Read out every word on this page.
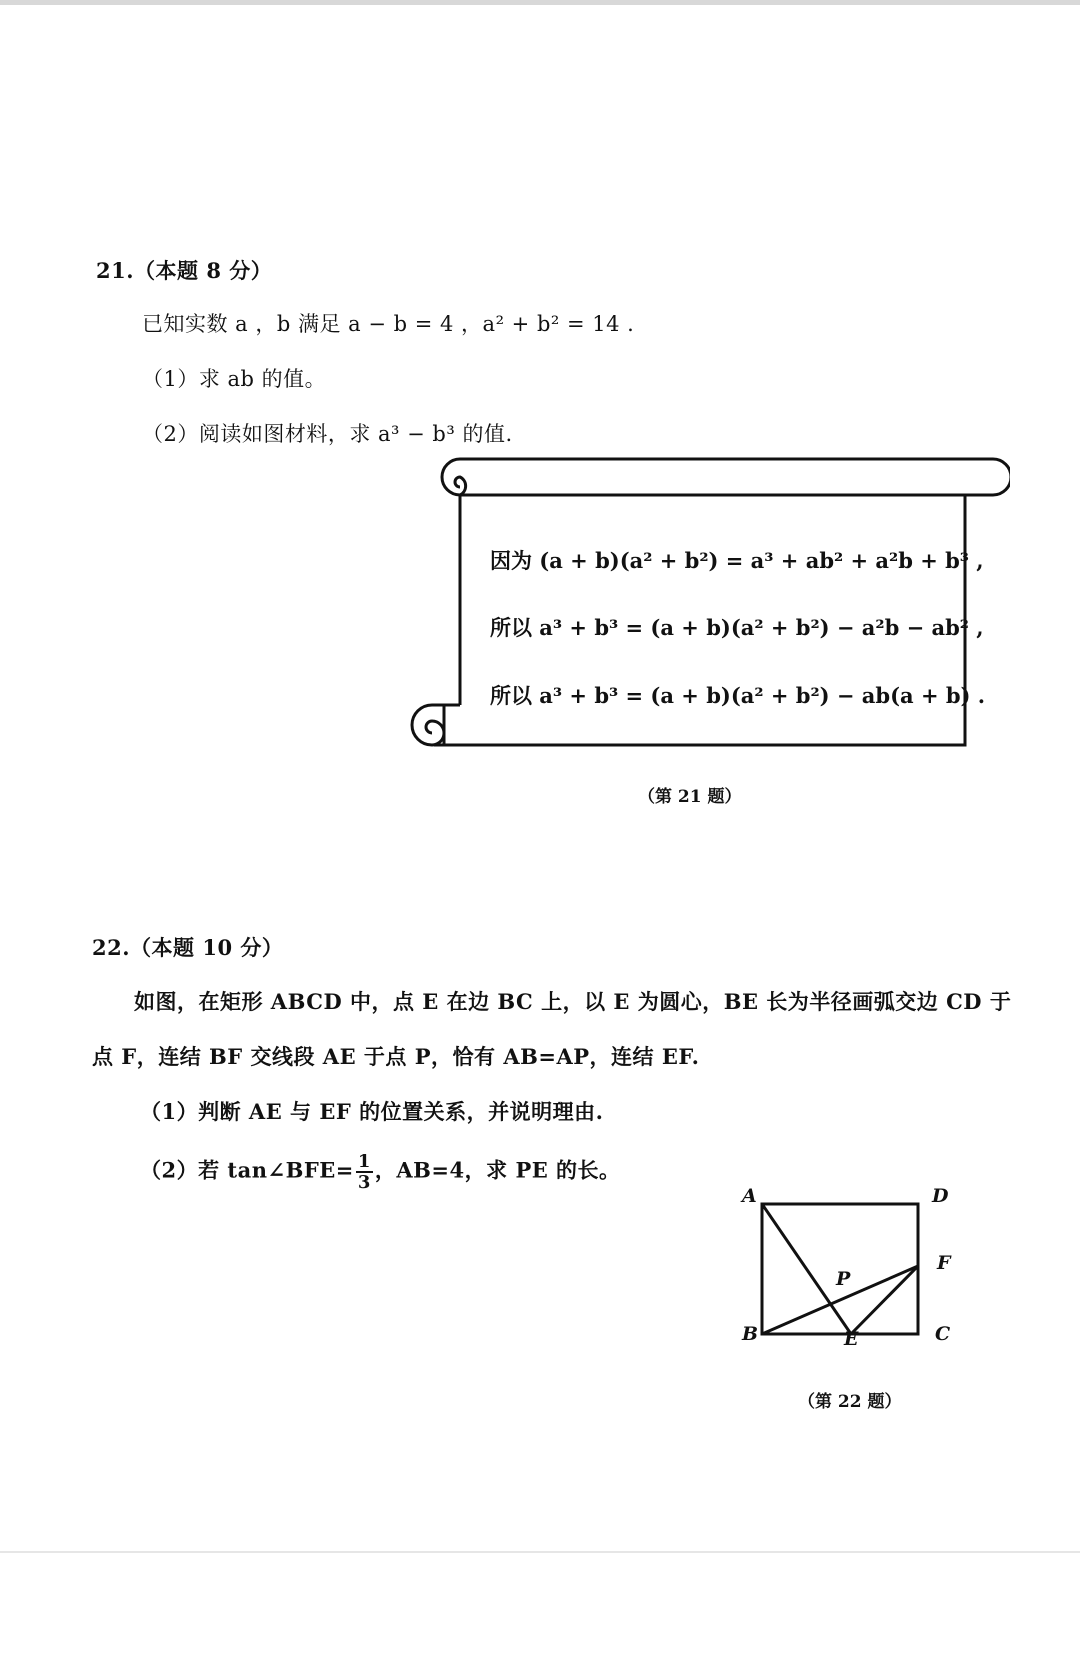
21.（本题 8 分）
已知实数 a ，b 满足 a − b = 4 ，a² + b² = 14 .
（1）求 ab 的值。
（2）阅读如图材料，求 a³ − b³ 的值.
因为 (a + b)(a² + b²) = a³ + ab² + a²b + b³ ,
所以 a³ + b³ = (a + b)(a² + b²) − a²b − ab² ,
所以 a³ + b³ = (a + b)(a² + b²) − ab(a + b) .
（第 21 题）
22.（本题 10 分）
如图，在矩形 ABCD 中，点 E 在边 BC 上，以 E 为圆心，BE 长为半径画弧交边 CD 于
点 F，连结 BF 交线段 AE 于点 P，恰有 AB=AP，连结 EF.
（1）判断 AE 与 EF 的位置关系，并说明理由.
（2）若 tan∠BFE= $\frac{1}{3}$ ，AB=4，求 PE 的长。
A	D
F
P
B	E	C
（第 22 题）
